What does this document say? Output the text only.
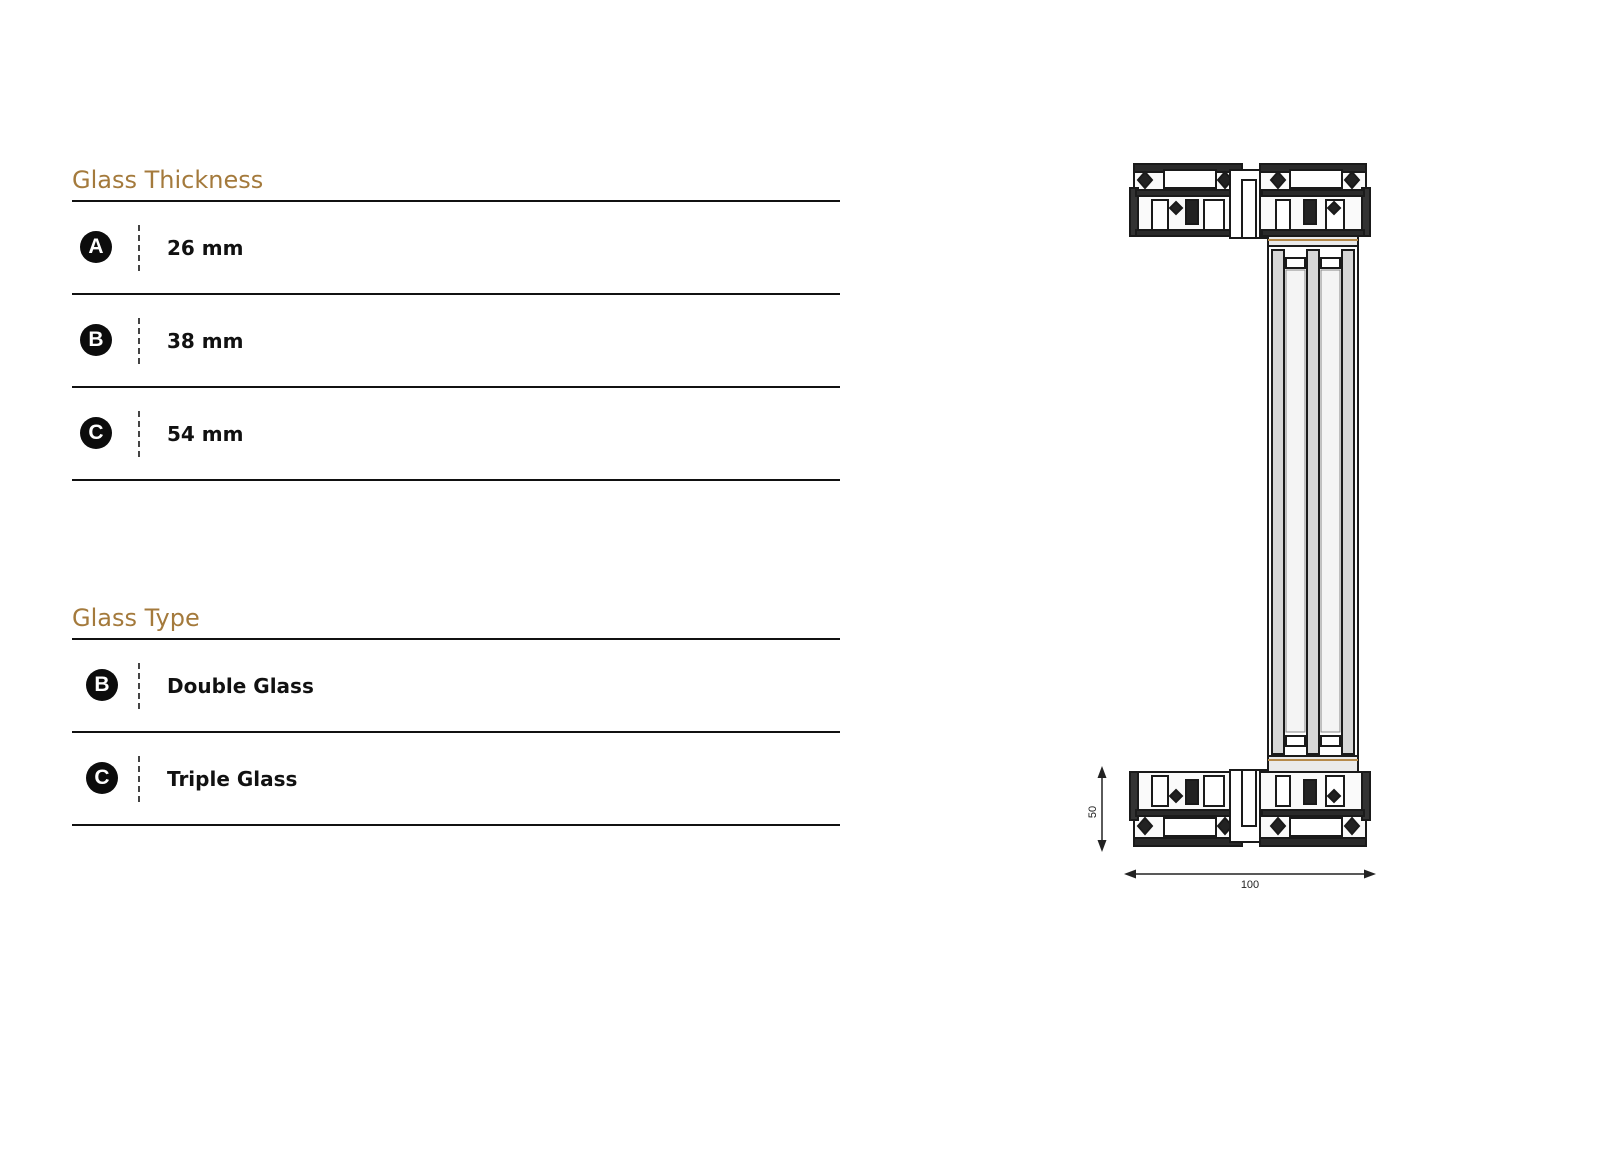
Glass Thickness
A	26 mm
B	38 mm
C	54 mm
Glass Type
B	Double Glass
C	Triple Glass
50
100
